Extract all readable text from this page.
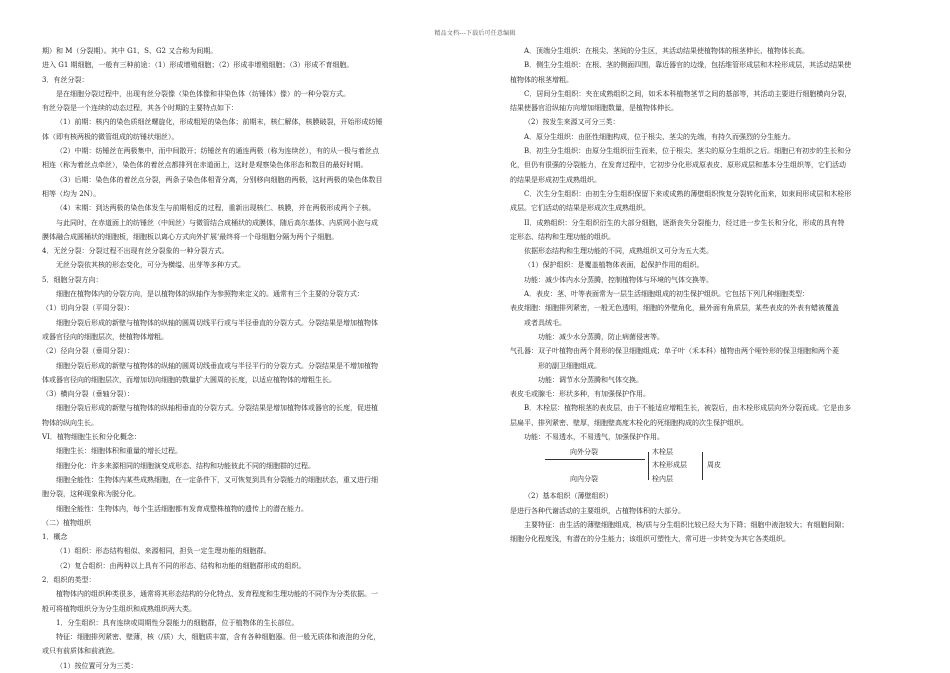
精品文档---下载后可任意编辑

期）和 M（分裂期）。其中 G1、S、G2 又合称为间期。

进入 G1 期细胞，一般有三种前途：（1）形成增殖细胞；（2）形成非增殖细胞；（3）形成不育细胞。

3．有丝分裂：

是在细胞分裂过程中，出现有丝分裂像（染色体像和非染色体（纺锤体）像）的一种分裂方式。

有丝分裂是一个连续的动态过程，其各个时期的主要特点如下：

（1）前期：核内的染色质细丝螺旋化，形成粗短的染色体；前期末，核仁解体，核膜破裂，开始形成纺锤

体（即有核两极的微管组成的纺锤状细丝）。

（2）中期：纺锤丝在两极集中，而中间散开；纺锤丝有的通连两极（称为连续丝），有的从一极与着丝点

相连（称为着丝点牵丝），染色体的着丝点都排列在赤道面上，这时是观察染色体形态和数目的最好时期。

（3）后期：染色体的着丝点分裂，两条子染色体相背分离，分别移向细胞的两极，这时两极的染色体数目

相等（均为 2N）。

（4）末期：到达两极的染色体发生与前期相反的过程，重新出现核仁、核膜，并在两极形成两个子核。

与此同时，在赤道面上的纺锤丝（中间丝）与微管结合成桶状的成膜体，随后高尔基体、内质网小泡与成

膜体融合成圆桶状的细胞板，细胞板以离心方式向外扩展‘最终将一个母细胞分隔为两个子细胞。

4．无丝分裂：分裂过程不出现有丝分裂象的一种分裂方式。

无丝分裂依其核的形态变化，可分为横缢、出芽等多种方式。

5．细胞分裂方向：

细胞在植物体内的分裂方向，是以植物体的纵轴作为参照物来定义的。通常有三个主要的分裂方式：

（1）切向分裂（平周分裂）：

细胞分裂后形成的新壁与植物体的纵轴的圆周切线平行或与半径垂直的分裂方式。分裂结果是增加植物体

或器官径向的细胞层次，使植物体增粗。

（2）径向分裂（垂周分裂）：

细胞分裂后形成的新壁与植物体的纵轴的圆周切线垂直或与半径平行的分裂方式。分裂结果是不增加植物

体或器官径向的细胞层次，而增加切向细胞的数量扩大圆周的长度，以适应植物体的增粗生长。

（3）横向分裂（垂轴分裂）：

细胞分裂后形成的新壁与植物体的纵轴相垂直的分裂方式。分裂结果是增加植物体或器官的长度，促进植

物体的纵向生长。

VI．植物细胞生长和分化概念：

细胞生长：细胞体积和重量的增长过程。

细胞分化：许多来源相同的细胞演变成形态、结构和功能彼此不同的细胞群的过程。

细胞全能性：生物体内某些成熟细胞，在一定条件下，又可恢复到具有分裂能力的细胞状态，重又进行细

胞分裂，这种现象称为脱分化。

细胞全能性：生物体内，每个生活细胞都有发育成整株植物的遗传上的潜在能力。

（二）植物组织

1．概念

（1）组织：形态结构相似、来源相同，担负一定生理功能的细胞群。

（2）复合组织：由两种以上具有不同的形态、结构和功能的细胞群形成的组织。

2．组织的类型：

植物体内的组织种类很多，通常将其形态结构的分化特点、发育程度和生理功能的不同作为分类依据。一

般可将植物组织分为分生组织和成熟组织两大类。

1．分生组织：具有连续或周期性分裂能力的细胞群，位于植物体的生长部位。

特征：细胞排列紧密、壁薄，核（/质）大，细胞质丰富，含有各种细胞器。但一般无质体和液泡的分化，

或只有前质体和前液泡。

（1）按位置可分为三类：

A．顶端分生组织：在根尖、茎间的分生区，其活动结果使植物体的根茎伸长、植物体长高。

B．侧生分生组织：在根、茎的侧面四围，靠近器官的边缘，包括维管形成层和木栓形成层，其活动结果使

植物体的根茎增粗。

C．居间分生组织：夹在成熟组织之间，如禾本科植物茎节之间的基部等，其活动主要进行细胞横向分裂，

结果使器官沿纵轴方向增加细胞数量，是植物体伸长。

（2）按发生来源又可分三类：

A．原分生组织：由胚性细胞构成，位于根尖、茎尖的先端，有持久而强烈的分生能力。

B．初生分生组织：由原分生组织衍生而来，位于根尖、茎尖的原分生组织之后。细胞已有初步的生长和分

化，但仍有很强的分裂能力，在发育过程中，它初步分化形成原表皮、原形成层和基本分生组织等，它们活动

的结果是形成初生成熟组织。

C．次生分生组织：由初生分生组织保留下来或成熟的薄壁组织恢复分裂转化而来，如束间形成层和木栓形

成层。它们活动的结果是形成次生成熟组织。

II．成熟组织：分生组织衍生的大部分细胞，逐渐丧失分裂能力，经过进一步生长和分化，形成的具有特

定形态、结构和生理功能的组织。

依据形态结构和生理功能的不同，成熟组织又可分为五大类。

（1）保护组织：是覆盖植物体表面，起保护作用的组织。

功能：减少体内水分蒸腾，控制植物体与环境的气体交换等。

A．表皮：茎、叶等表面常为一层生活细胞组成的初生保护组织。它包括下列几种细胞类型：

表皮细胞：细胞排列紧密，一般无色透明，细胞的外壁角化，最外面有角质层，某些表皮的外表有蜡被覆盖

或者具绒毛。

功能：减少水分蒸腾，防止病菌侵害等。

气孔器：双子叶植物由两个肾形的保卫细胞组成；单子叶（禾本科）植物由两个哑铃形的保卫细胞和两个菱

形的副卫细胞组成。

功能：调节水分蒸腾和气体交换。

表皮毛或腺毛：形状多种，有加强保护作用。

B．木栓层：植物根茎的表皮层，由于不能适应增粗生长，被裂后，由木栓形成层向外分裂而成。它是由多

层扁平、排列紧密、壁厚，细胞壁高度木栓化的死细胞构成的次生保护组织。

功能：不易透水，不易透气，加强保护作用。

向外分裂
向内分裂
木栓层
木栓形成层
栓内层
周皮

（2）基本组织（薄壁组织）

是进行各种代谢活动的主要组织，占植物体积的大部分。

主要特征：由生活的薄壁细胞组成，核/质与分生组织比较已经大为下降；细胞中液泡较大；有细胞间隙；

细胞分化程度浅，有潜在的分生能力；该组织可塑性大，常可进一步转变为其它各类组织。
